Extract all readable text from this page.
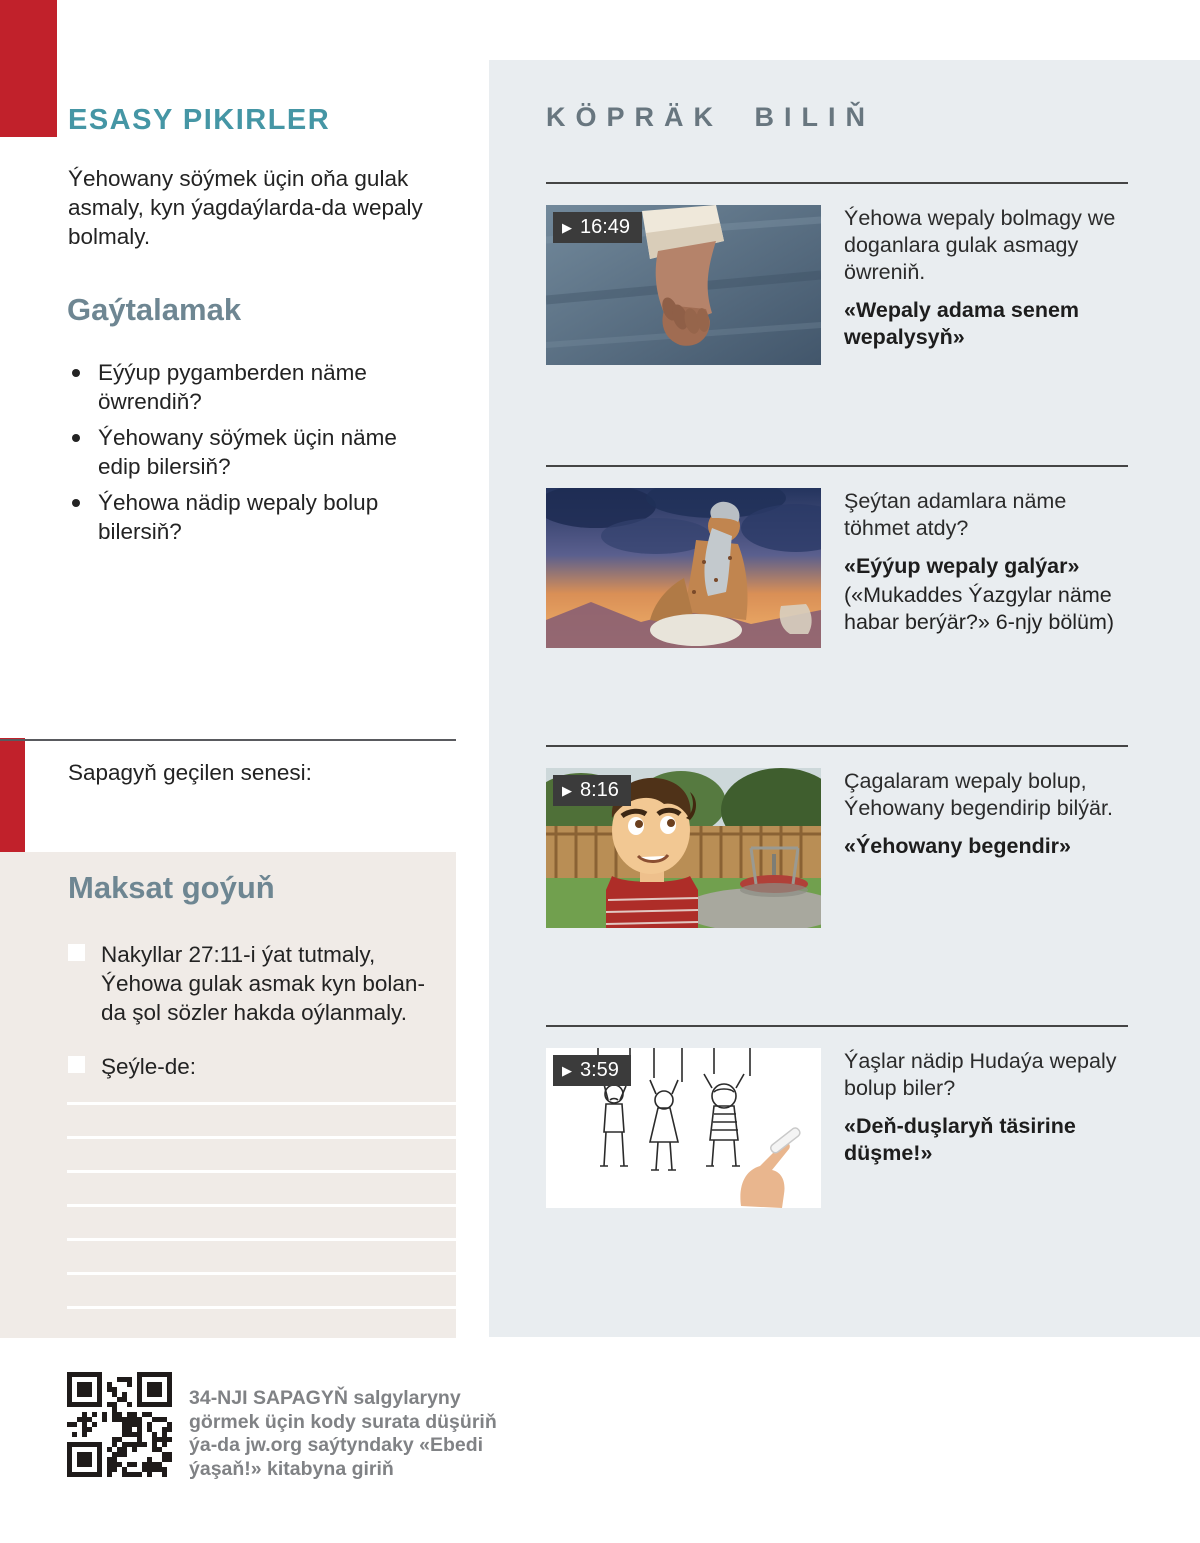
ESASY PIKIRLER
Ýehowany söýmek üçin oňa gulak asmaly, kyn ýagdaýlarda-da wepaly bolmaly.
Gaýtalamak
Eýýup pygamberden näme öwrendiň?
Ýehowany söýmek üçin näme edip bilersiň?
Ýehowa nädip wepaly bolup bilersiň?
Sapagyň geçilen senesi:
Maksat goýuň
Nakyllar 27:11-i ýat tutmaly, Ýehowa gulak asmak kyn bolan-da şol sözler hakda oýlanmaly.
Şeýle-de:
KÖPRÄK BILIŇ
▶ 16:49	Ýehowa wepaly bolmagy we doganlara gulak asmagy öwreniň.
«Wepaly adama senem wepalysyň»
Şeýtan adamlara näme töhmet atdy?
«Eýýup wepaly galýar»
(«Mukaddes Ýazgylar näme habar berýär?» 6-njy bölüm)
▶ 8:16	Çagalaram wepaly bolup, Ýehowany begendirip bilýär.
«Ýehowany begendir»
▶ 3:59	Ýaşlar nädip Hudaýa wepaly bolup biler?
«Deň-duşlaryň täsirine düşme!»
34-NJI SAPAGYŇ salgylaryny görmek üçin kody surata düşüriň ýa-da jw.org saýtyndaky «Ebedi ýaşaň!» kitabyna giriň
